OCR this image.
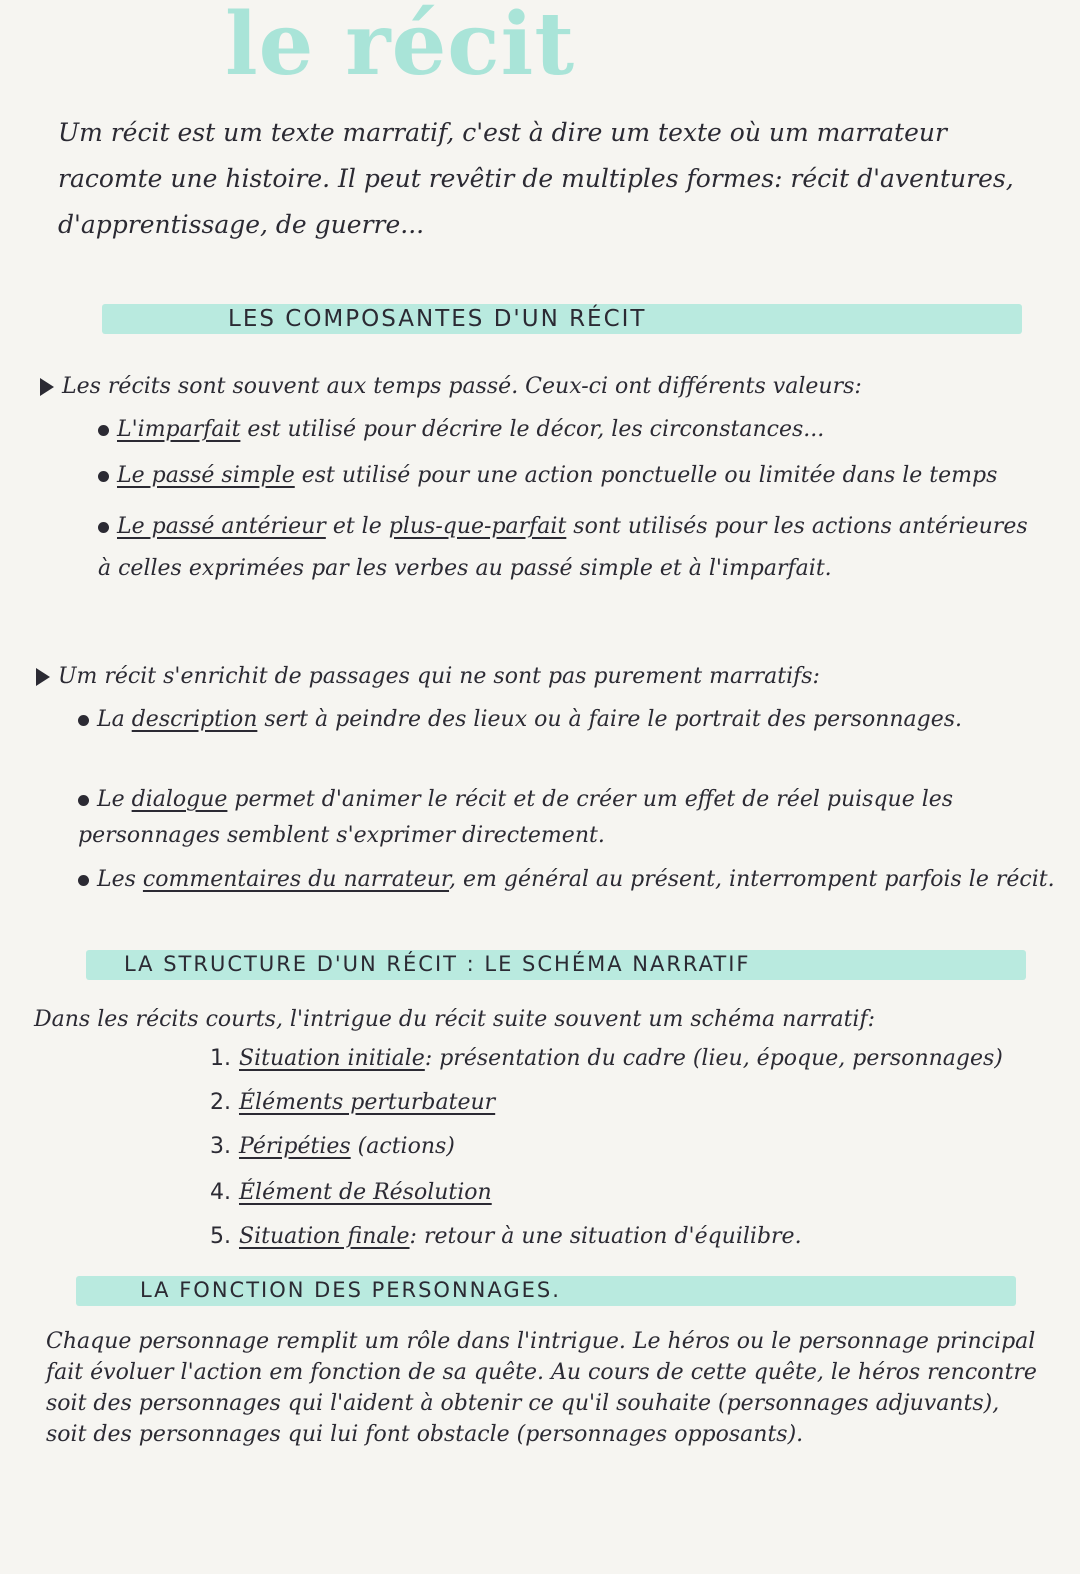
le récit
Um récit est um texte marratif, c'est à dire um texte où um marrateur racomte une histoire. Il peut revêtir de multiples formes: récit d'aventures, d'apprentissage, de guerre...
LES COMPOSANTES D'UN RÉCIT
Les récits sont souvent aux temps passé. Ceux-ci ont différents valeurs:
L'imparfait est utilisé pour décrire le décor, les circonstances...
Le passé simple est utilisé pour une action ponctuelle ou limitée dans le temps
Le passé antérieur et le plus-que-parfait sont utilisés pour les actions antérieures à celles exprimées par les verbes au passé simple et à l'imparfait.
Um récit s'enrichit de passages qui ne sont pas purement marratifs:
La description sert à peindre des lieux ou à faire le portrait des personnages.
Le dialogue permet d'animer le récit et de créer um effet de réel puisque les personnages semblent s'exprimer directement.
Les commentaires du narrateur, em général au présent, interrompent parfois le récit.
LA STRUCTURE D'UN RÉCIT : LE SCHÉMA NARRATIF
Dans les récits courts, l'intrigue du récit suite souvent um schéma narratif:
1. Situation initiale: présentation du cadre (lieu, époque, personnages)
2. Éléments perturbateur
3. Péripéties (actions)
4. Élément de Résolution
5. Situation finale: retour à une situation d'équilibre.
LA FONCTION DES PERSONNAGES.
Chaque personnage remplit um rôle dans l'intrigue. Le héros ou le personnage principal fait évoluer l'action em fonction de sa quête. Au cours de cette quête, le héros rencontre soit des personnages qui l'aident à obtenir ce qu'il souhaite (personnages adjuvants), soit des personnages qui lui font obstacle (personnages opposants).
